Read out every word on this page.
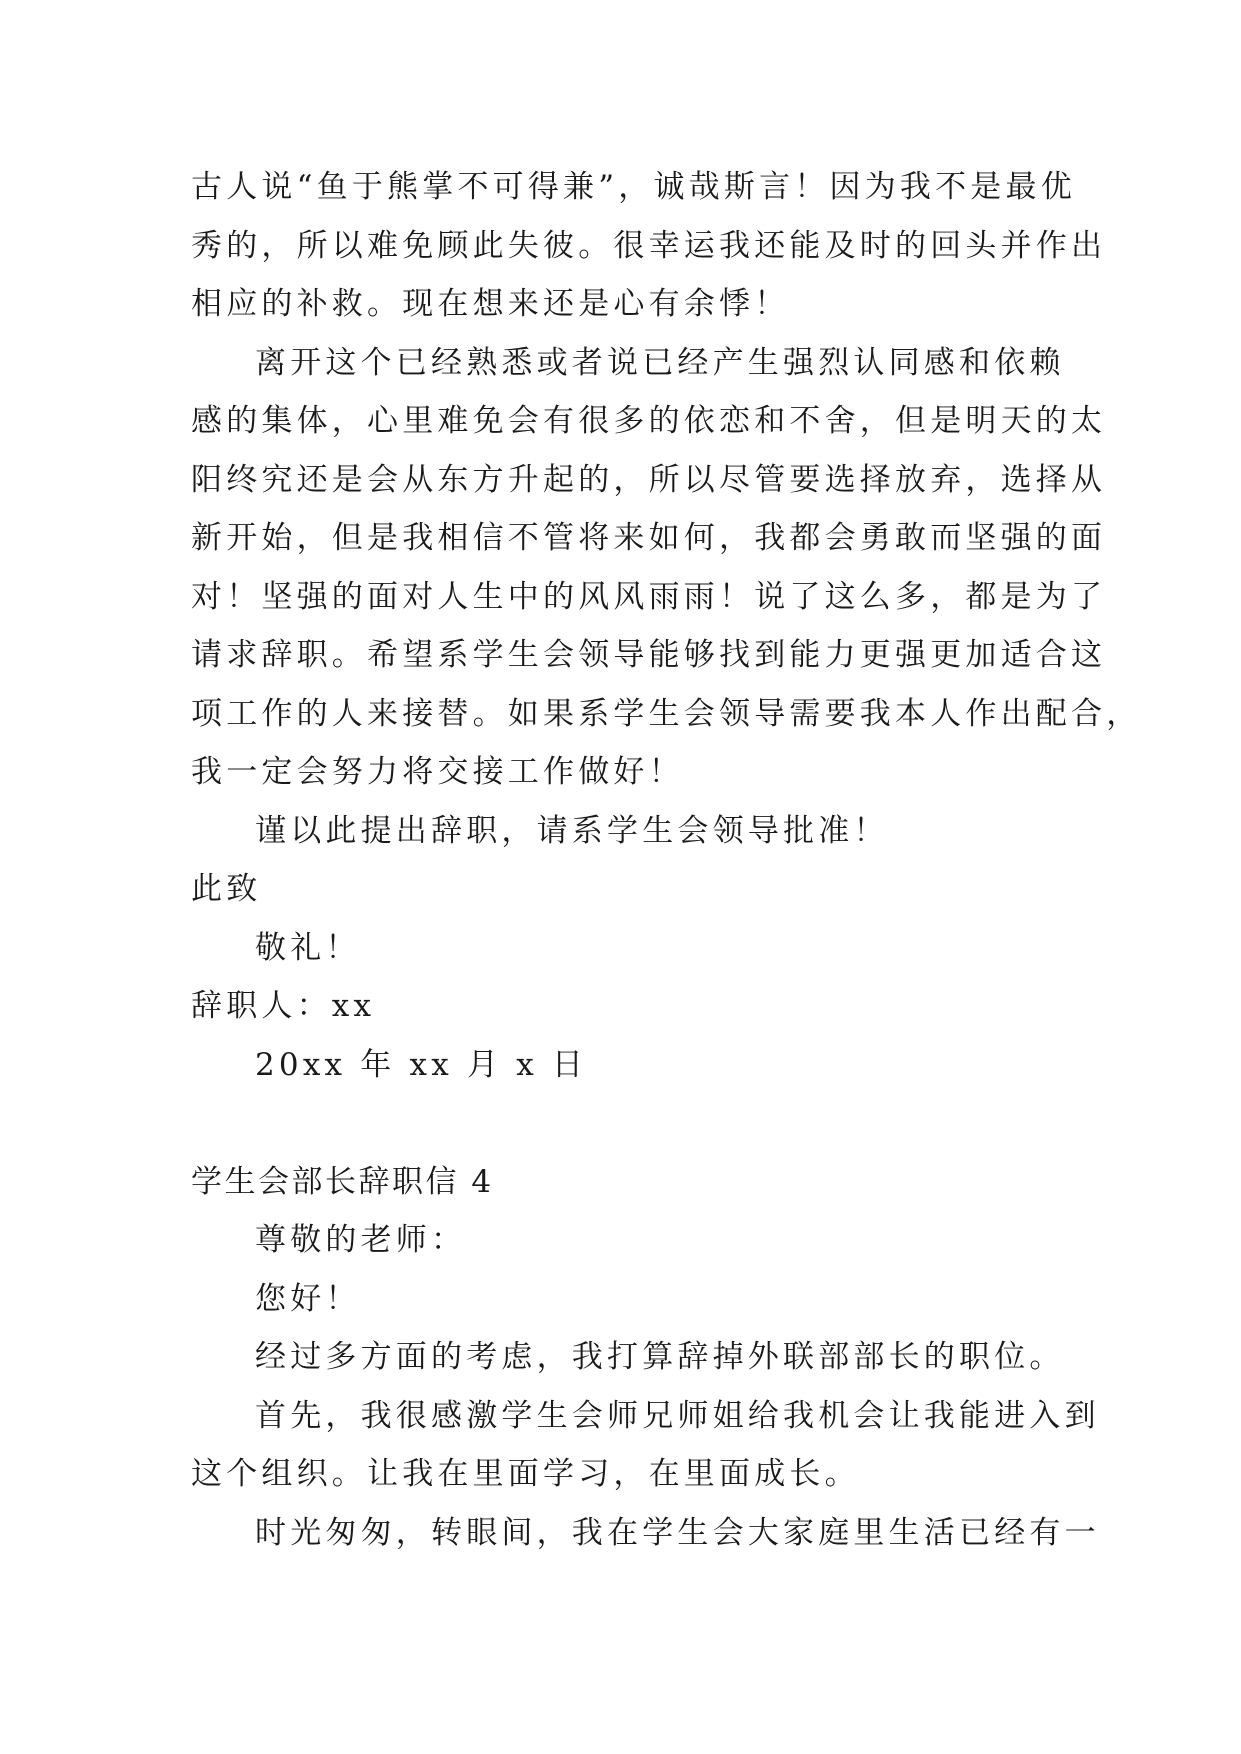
古人说“鱼于熊掌不可得兼”，诚哉斯言！因为我不是最优

秀的，所以难免顾此失彼。很幸运我还能及时的回头并作出

相应的补救。现在想来还是心有余悸！

离开这个已经熟悉或者说已经产生强烈认同感和依赖

感的集体，心里难免会有很多的依恋和不舍，但是明天的太

阳终究还是会从东方升起的，所以尽管要选择放弃，选择从

新开始，但是我相信不管将来如何，我都会勇敢而坚强的面

对！坚强的面对人生中的风风雨雨！说了这么多，都是为了

请求辞职。希望系学生会领导能够找到能力更强更加适合这

项工作的人来接替。如果系学生会领导需要我本人作出配合，

我一定会努力将交接工作做好！

谨以此提出辞职，请系学生会领导批准！

此致

敬礼！

辞职人：xx

20xx 年 xx 月 x 日

学生会部长辞职信 4

尊敬的老师：

您好！

经过多方面的考虑，我打算辞掉外联部部长的职位。

首先，我很感激学生会师兄师姐给我机会让我能进入到

这个组织。让我在里面学习，在里面成长。

时光匆匆，转眼间，我在学生会大家庭里生活已经有一
